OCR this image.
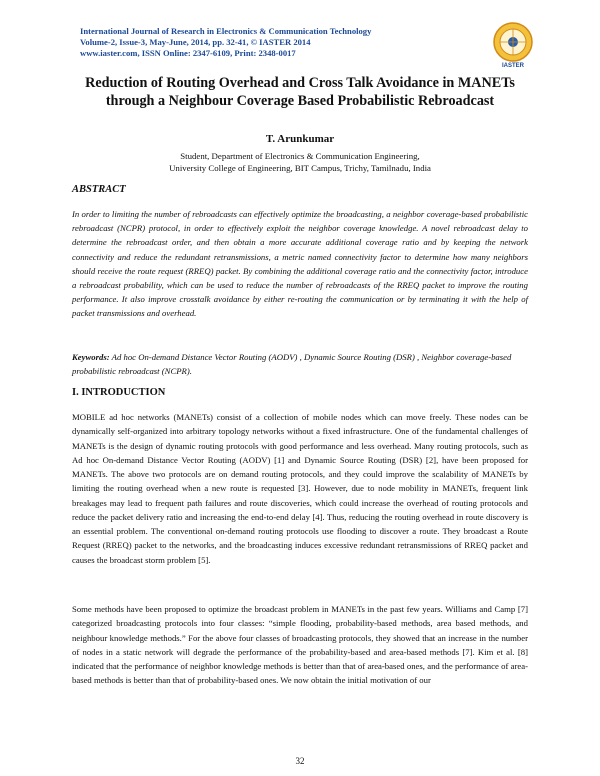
International Journal of Research in Electronics & Communication Technology
Volume-2, Issue-3, May-June, 2014, pp. 32-41, © IASTER 2014
www.iaster.com, ISSN Online: 2347-6109, Print: 2348-0017
IASTER
Reduction of Routing Overhead and Cross Talk Avoidance in MANETs through a Neighbour Coverage Based Probabilistic Rebroadcast
T. Arunkumar
Student, Department of Electronics & Communication Engineering,
University College of Engineering, BIT Campus, Trichy, Tamilnadu, India
ABSTRACT
In order to limiting the number of rebroadcasts can effectively optimize the broadcasting, a neighbor coverage-based probabilistic rebroadcast (NCPR) protocol, in order to effectively exploit the neighbor coverage knowledge. A novel rebroadcast delay to determine the rebroadcast order, and then obtain a more accurate additional coverage ratio and by keeping the network connectivity and reduce the redundant retransmissions, a metric named connectivity factor to determine how many neighbors should receive the route request (RREQ) packet. By combining the additional coverage ratio and the connectivity factor, introduce a rebroadcast probability, which can be used to reduce the number of rebroadcasts of the RREQ packet to improve the routing performance. It also improve crosstalk avoidance by either re-routing the communication or by terminating it with the help of packet transmissions and overhead.
Keywords: Ad hoc On-demand Distance Vector Routing (AODV) , Dynamic Source Routing (DSR) , Neighbor coverage-based probabilistic rebroadcast (NCPR).
I. INTRODUCTION
MOBILE ad hoc networks (MANETs) consist of a collection of mobile nodes which can move freely. These nodes can be dynamically self-organized into arbitrary topology networks without a fixed infrastructure. One of the fundamental challenges of MANETs is the design of dynamic routing protocols with good performance and less overhead. Many routing protocols, such as Ad hoc On-demand Distance Vector Routing (AODV) [1] and Dynamic Source Routing (DSR) [2], have been proposed for MANETs. The above two protocols are on demand routing protocols, and they could improve the scalability of MANETs by limiting the routing overhead when a new route is requested [3]. However, due to node mobility in MANETs, frequent link breakages may lead to frequent path failures and route discoveries, which could increase the overhead of routing protocols and reduce the packet delivery ratio and increasing the end-to-end delay [4]. Thus, reducing the routing overhead in route discovery is an essential problem. The conventional on-demand routing protocols use flooding to discover a route. They broadcast a Route Request (RREQ) packet to the networks, and the broadcasting induces excessive redundant retransmissions of RREQ packet and causes the broadcast storm problem [5].
Some methods have been proposed to optimize the broadcast problem in MANETs in the past few years. Williams and Camp [7] categorized broadcasting protocols into four classes: “simple flooding, probability-based methods, area based methods, and neighbour knowledge methods.” For the above four classes of broadcasting protocols, they showed that an increase in the number of nodes in a static network will degrade the performance of the probability-based and area-based methods [7]. Kim et al. [8] indicated that the performance of neighbor knowledge methods is better than that of area-based ones, and the performance of area-based methods is better than that of probability-based ones. We now obtain the initial motivation of our
32
